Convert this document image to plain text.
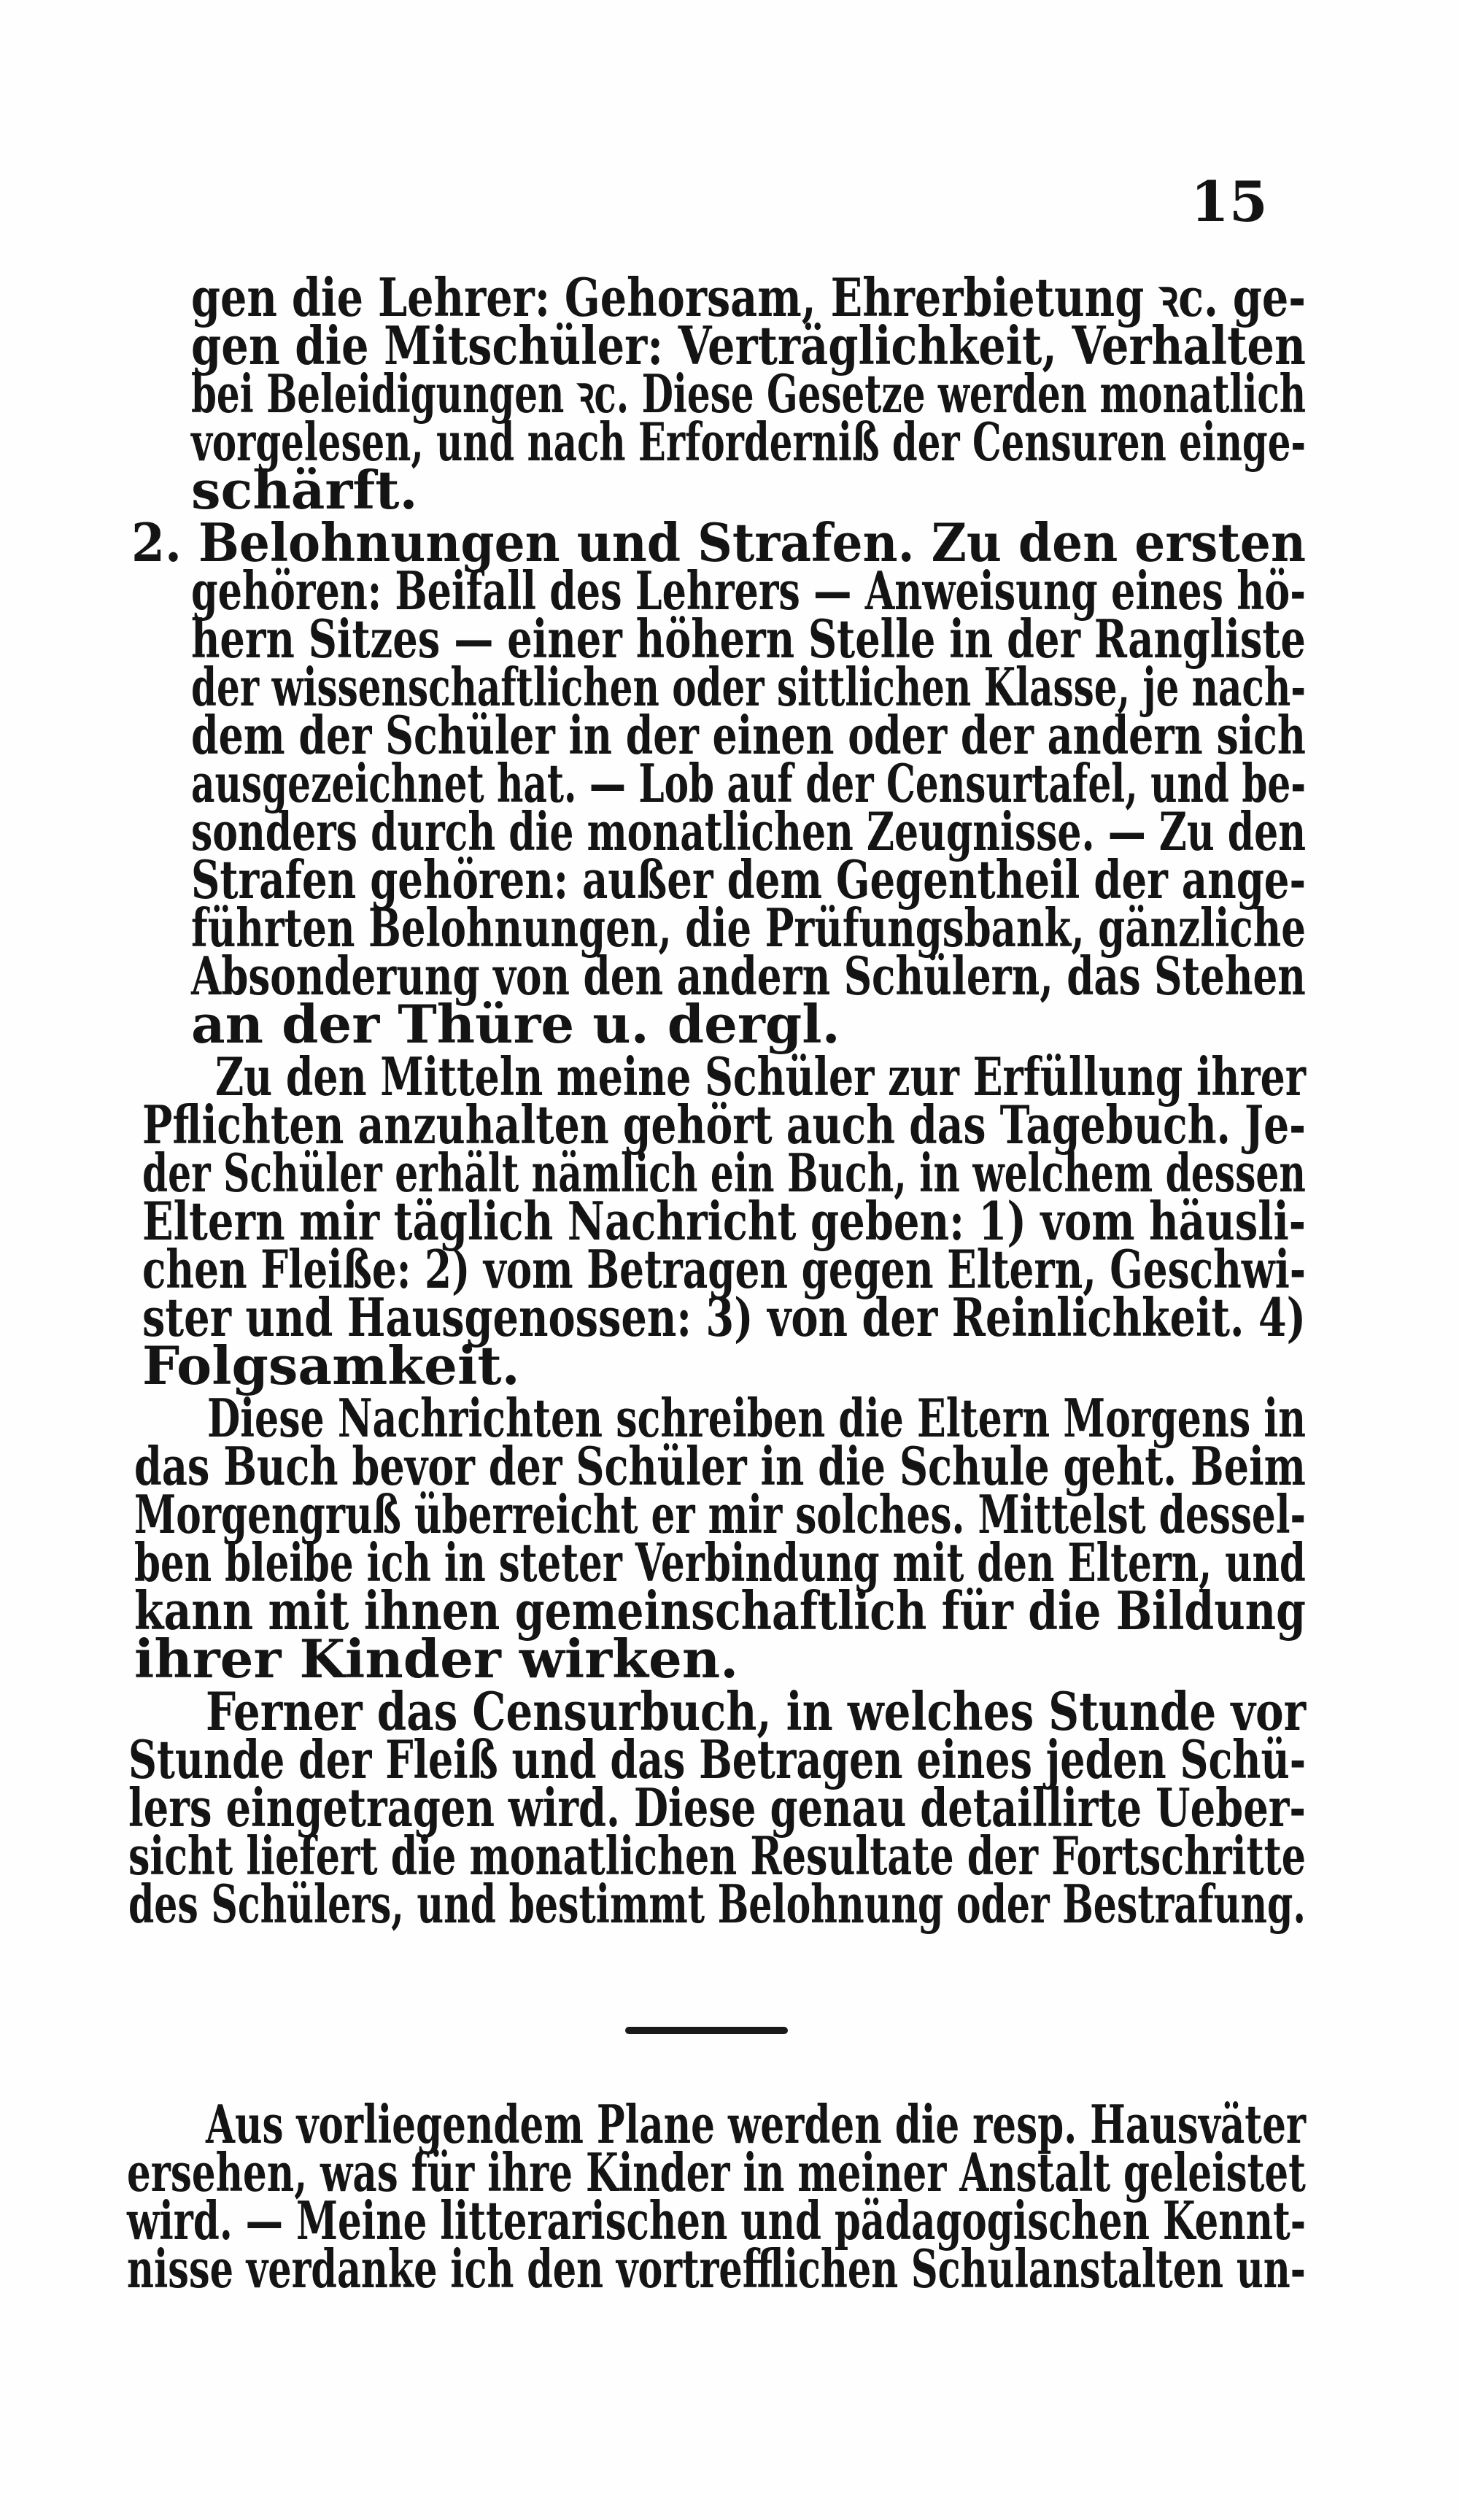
15
gen die Lehrer: Gehorsam, Ehrerbietung ꝛc. ge-
gen die Mitschüler: Verträglichkeit, Verhalten
bei Beleidigungen ꝛc. Diese Gesetze werden monatlich
vorgelesen, und nach Erforderniß der Censuren einge-
schärft.
2. Belohnungen und Strafen. Zu den ersten
gehören: Beifall des Lehrers — Anweisung eines hö-
hern Sitzes — einer höhern Stelle in der Rangliste
der wissenschaftlichen oder sittlichen Klasse, je nach-
dem der Schüler in der einen oder der andern sich
ausgezeichnet hat. — Lob auf der Censurtafel, und be-
sonders durch die monatlichen Zeugnisse. — Zu den
Strafen gehören: außer dem Gegentheil der ange-
führten Belohnungen, die Prüfungsbank, gänzliche
Absonderung von den andern Schülern, das Stehen
an der Thüre u. dergl.
Zu den Mitteln meine Schüler zur Erfüllung ihrer
Pflichten anzuhalten gehört auch das Tagebuch. Je-
der Schüler erhält nämlich ein Buch, in welchem dessen
Eltern mir täglich Nachricht geben: 1) vom häusli-
chen Fleiße: 2) vom Betragen gegen Eltern, Geschwi-
ster und Hausgenossen: 3) von der Reinlichkeit. 4)
Folgsamkeit.
Diese Nachrichten schreiben die Eltern Morgens in
das Buch bevor der Schüler in die Schule geht. Beim
Morgengruß überreicht er mir solches. Mittelst dessel-
ben bleibe ich in steter Verbindung mit den Eltern, und
kann mit ihnen gemeinschaftlich für die Bildung
ihrer Kinder wirken.
Ferner das Censurbuch, in welches Stunde vor
Stunde der Fleiß und das Betragen eines jeden Schü-
lers eingetragen wird. Diese genau detaillirte Ueber-
sicht liefert die monatlichen Resultate der Fortschritte
des Schülers, und bestimmt Belohnung oder Bestrafung.
Aus vorliegendem Plane werden die resp. Hausväter
ersehen, was für ihre Kinder in meiner Anstalt geleistet
wird. — Meine litterarischen und pädagogischen Kennt-
nisse verdanke ich den vortrefflichen Schulanstalten un-
